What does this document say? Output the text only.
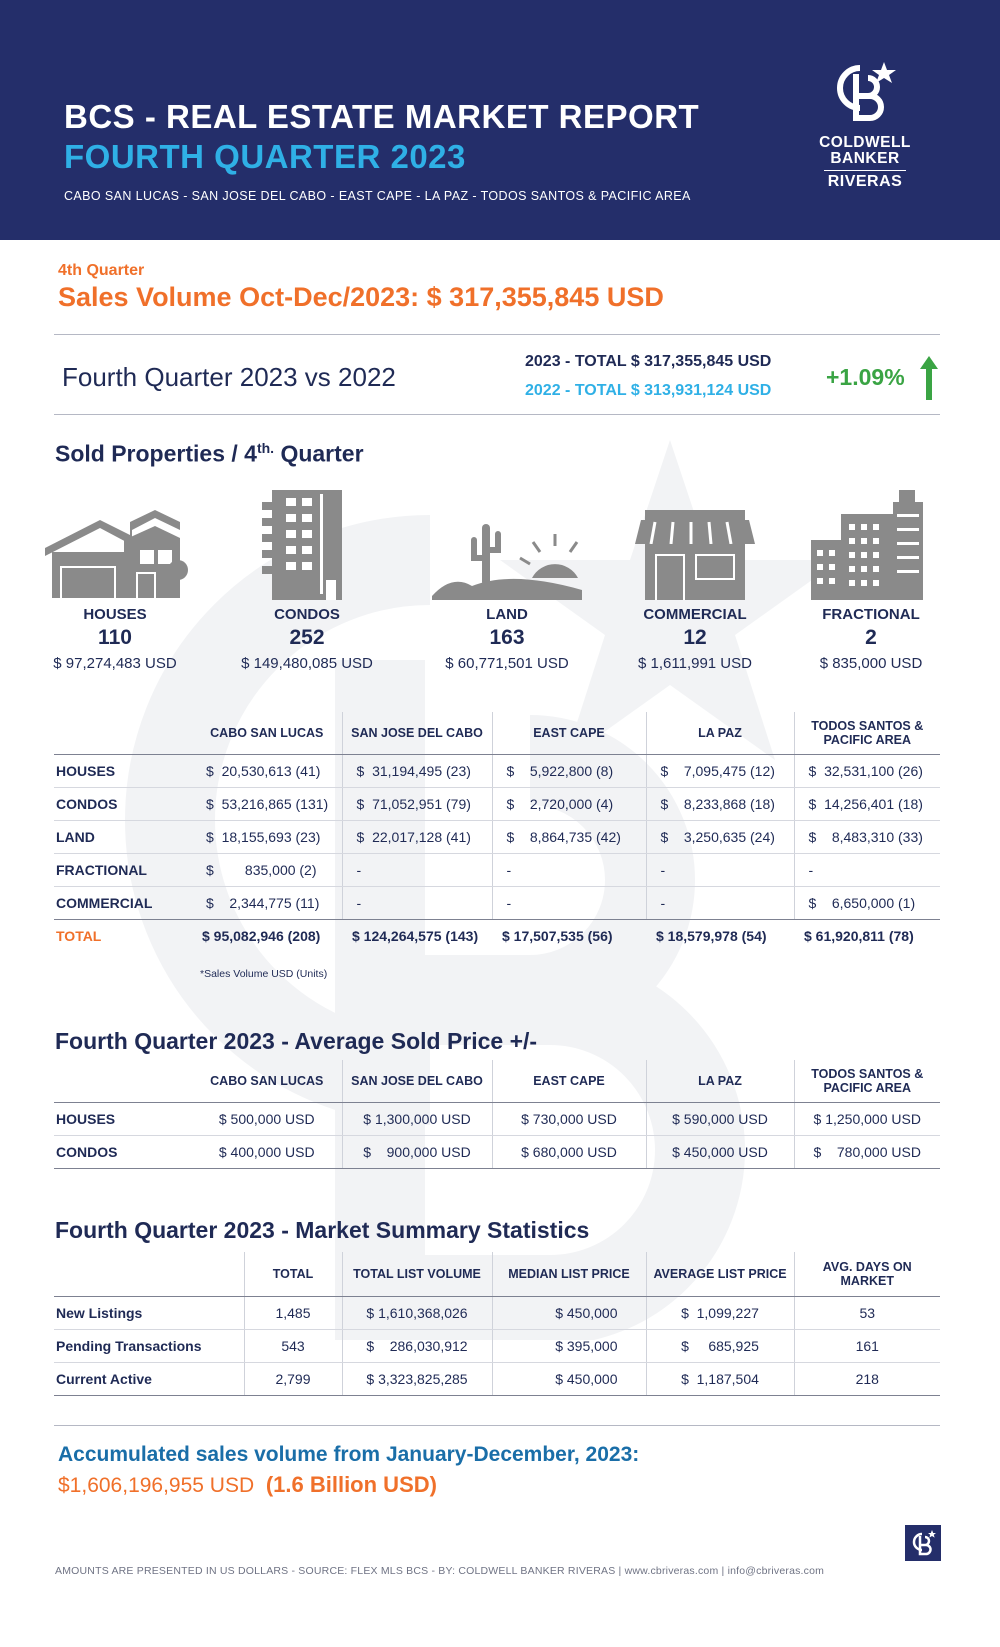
BCS - REAL ESTATE MARKET REPORT
FOURTH QUARTER 2023
CABO SAN LUCAS - SAN JOSE DEL CABO - EAST CAPE - LA PAZ - TODOS SANTOS & PACIFIC AREA
COLDWELL
BANKER
RIVERAS
4th Quarter
Sales Volume Oct-Dec/2023: $ 317,355,845 USD
Fourth Quarter 2023 vs 2022
2023 - TOTAL $ 317,355,845 USD
2022 - TOTAL $ 313,931,124 USD
+1.09%
Sold Properties / $4^{th.}$ Quarter
HOUSES
110
$ 97,274,483 USD
CONDOS
252
$ 149,480,085 USD
LAND
163
$ 60,771,501 USD
COMMERCIAL
12
$ 1,611,991 USD
FRACTIONAL
2
$ 835,000 USD
	CABO SAN LUCAS	SAN JOSE DEL CABO	EAST CAPE	LA PAZ	TODOS SANTOS &
PACIFIC AREA
HOUSES	$  20,530,613 (41)	$  31,194,495 (23)	$    5,922,800 (8)	$    7,095,475 (12)	$  32,531,100 (26)
CONDOS	$  53,216,865 (131)	$  71,052,951 (79)	$    2,720,000 (4)	$    8,233,868 (18)	$  14,256,401 (18)
LAND	$  18,155,693 (23)	$  22,017,128 (41)	$    8,864,735 (42)	$    3,250,635 (24)	$    8,483,310 (33)
FRACTIONAL	$        835,000 (2)	-	-	-	-
COMMERCIAL	$    2,344,775 (11)	-	-	-	$    6,650,000 (1)
TOTAL	$ 95,082,946 (208)	$ 124,264,575 (143)	$ 17,507,535 (56)	$ 18,579,978 (54)	$ 61,920,811 (78)
*Sales Volume USD (Units)
Fourth Quarter 2023 - Average Sold Price +/-
	CABO SAN LUCAS	SAN JOSE DEL CABO	EAST CAPE	LA PAZ	TODOS SANTOS &
PACIFIC AREA
HOUSES	$ 500,000 USD	$ 1,300,000 USD	$ 730,000 USD	$ 590,000 USD	$ 1,250,000 USD
CONDOS	$ 400,000 USD	$    900,000 USD	$ 680,000 USD	$ 450,000 USD	$    780,000 USD
Fourth Quarter 2023 - Market Summary Statistics
	TOTAL	TOTAL LIST VOLUME	MEDIAN LIST PRICE	AVERAGE LIST PRICE	AVG. DAYS ON
MARKET
New Listings	1,485	$ 1,610,368,026	$ 450,000	$  1,099,227	53
Pending Transactions	543	$    286,030,912	$ 395,000	$     685,925	161
Current Active	2,799	$ 3,323,825,285	$ 450,000	$  1,187,504	218
Accumulated sales volume from January-December, 2023:
$1,606,196,955 USD (1.6 Billion USD)
AMOUNTS ARE PRESENTED IN US DOLLARS - SOURCE: FLEX MLS BCS - BY: COLDWELL BANKER RIVERAS | www.cbriveras.com | info@cbriveras.com
